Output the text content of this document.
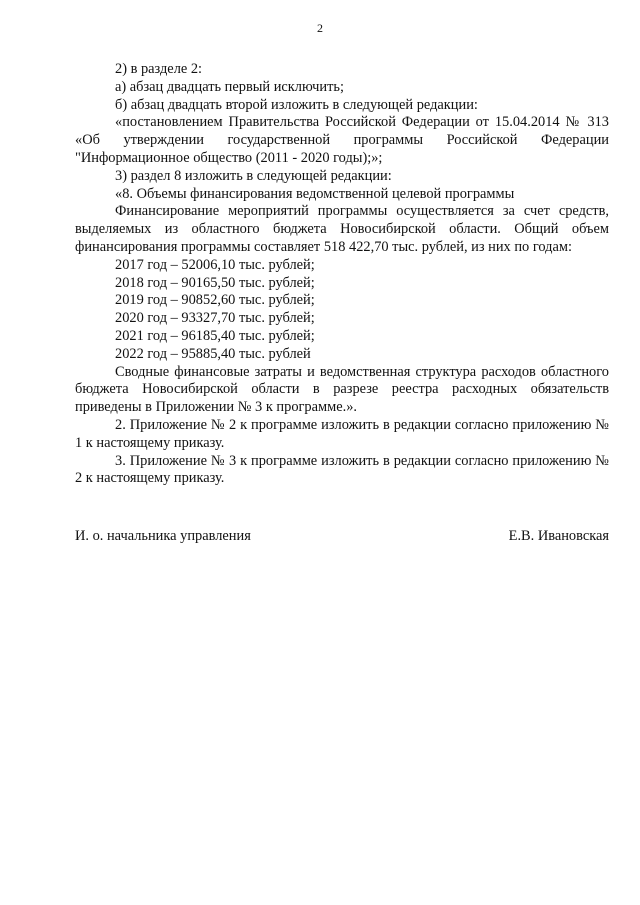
2

2) в разделе 2:

а) абзац двадцать первый исключить;

б) абзац двадцать второй изложить в следующей редакции:

«постановлением Правительства Российской Федерации от 15.04.2014 № 313 «Об утверждении государственной программы Российской Федерации "Информационное общество (2011 - 2020 годы);»;

3) раздел 8 изложить в следующей редакции:

«8. Объемы финансирования ведомственной целевой программы

Финансирование мероприятий программы осуществляется за счет средств, выделяемых из областного бюджета Новосибирской области. Общий объем финансирования программы составляет 518 422,70 тыс. рублей, из них по годам:

2017 год – 52006,10 тыс. рублей;

2018 год – 90165,50 тыс. рублей;

2019 год – 90852,60 тыс. рублей;

2020 год – 93327,70 тыс. рублей;

2021 год – 96185,40 тыс. рублей;

2022 год – 95885,40 тыс. рублей

Сводные финансовые затраты и ведомственная структура расходов областного бюджета Новосибирской области в разрезе реестра расходных обязательств приведены в Приложении № 3 к программе.».

2. Приложение № 2 к программе изложить в редакции согласно приложению № 1 к настоящему приказу.

3. Приложение № 3 к программе изложить в редакции согласно приложению № 2 к настоящему приказу.

И. о. начальника управления	Е.В. Ивановская
